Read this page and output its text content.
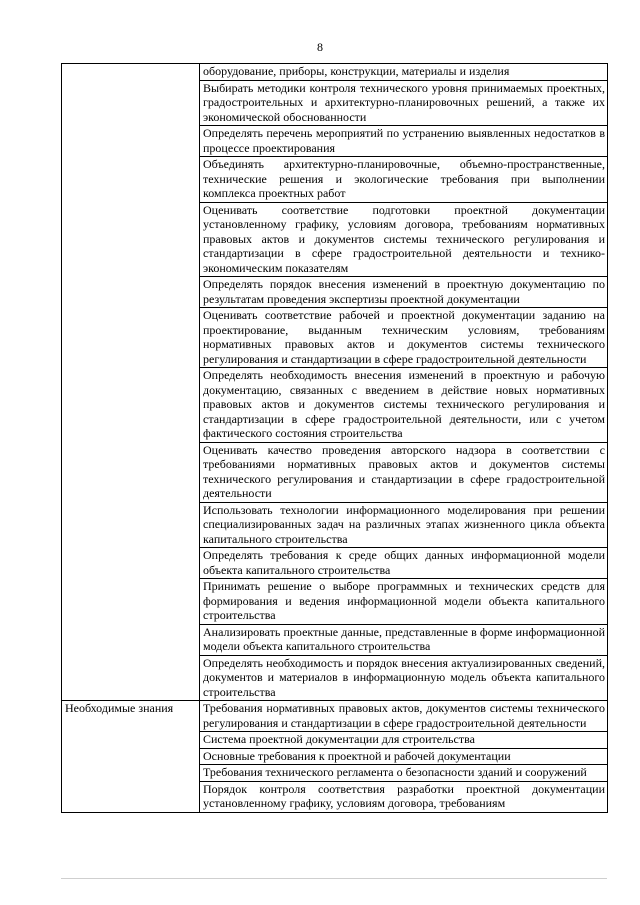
8

	оборудование, приборы, конструкции, материалы и изделия

	Выбирать методики контроля технического уровня принимаемых проектных, градостроительных и архитектурно-планировочных решений, а также их экономической обоснованности

	Определять перечень мероприятий по устранению выявленных недостатков в процессе проектирования

	Объединять архитектурно-планировочные, объемно-пространственные, технические решения и экологические требования при выполнении комплекса проектных работ

	Оценивать соответствие подготовки проектной документации установленному графику, условиям договора, требованиям нормативных правовых актов и документов системы технического регулирования и стандартизации в сфере градостроительной деятельности и технико-экономическим показателям

	Определять порядок внесения изменений в проектную документацию по результатам проведения экспертизы проектной документации

	Оценивать соответствие рабочей и проектной документации заданию на проектирование, выданным техническим условиям, требованиям нормативных правовых актов и документов системы технического регулирования и стандартизации в сфере градостроительной деятельности

	Определять необходимость внесения изменений в проектную и рабочую документацию, связанных с введением в действие новых нормативных правовых актов и документов системы технического регулирования и стандартизации в сфере градостроительной деятельности, или с учетом фактического состояния строительства

	Оценивать качество проведения авторского надзора в соответствии с требованиями нормативных правовых актов и документов системы технического регулирования и стандартизации в сфере градостроительной деятельности

	Использовать технологии информационного моделирования при решении специализированных задач на различных этапах жизненного цикла объекта капитального строительства

	Определять требования к среде общих данных информационной модели объекта капитального строительства

	Принимать решение о выборе программных и технических средств для формирования и ведения информационной модели объекта капитального строительства

	Анализировать проектные данные, представленные в форме информационной модели объекта капитального строительства

	Определять необходимость и порядок внесения актуализированных сведений, документов и материалов в информационную модель объекта капитального строительства

Необходимые знания	Требования нормативных правовых актов, документов системы технического регулирования и стандартизации в сфере градостроительной деятельности

	Система проектной документации для строительства

	Основные требования к проектной и рабочей документации

	Требования технического регламента о безопасности зданий и сооружений

	Порядок контроля соответствия разработки проектной документации установленному графику, условиям договора, требованиям
